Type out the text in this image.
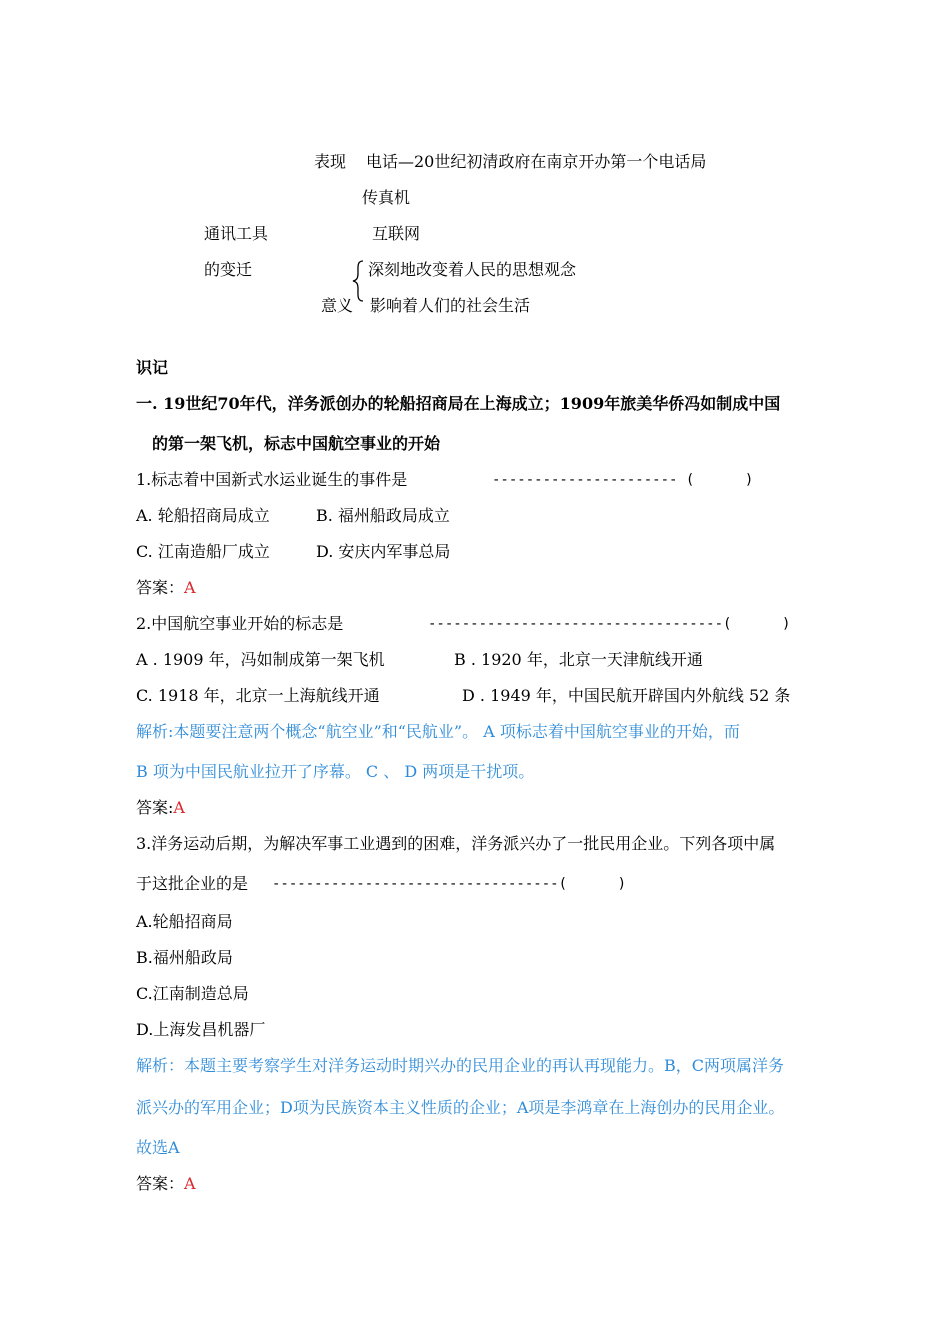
表现 电话—20世纪初清政府在南京开办第一个电话局
传真机
通讯工具	互联网
的变迁	深刻地改变着人民的思想观念
意义 影响着人们的社会生活
识记
一. 19世纪70年代，洋务派创办的轮船招商局在上海成立；1909年旅美华侨冯如制成中国
的第一架飞机，标志中国航空事业的开始
1.标志着中国新式水运业诞生的事件是	---------------------- (      )
A. 轮船招商局成立	B. 福州船政局成立
C. 江南造船厂成立	D. 安庆内军事总局
答案：A
2.中国航空事业开始的标志是	-----------------------------------(      )
A . 1909 年，冯如制成第一架飞机	B . 1920 年，北京一天津航线开通
C. 1918 年，北京一上海航线开通	D . 1949 年，中国民航开辟国内外航线 52 条
解析:本题要注意两个概念“航空业”和“民航业”。 A 项标志着中国航空事业的开始，而
B 项为中国民航业拉开了序幕。 C 、 D 两项是干扰项。
答案:A
3.洋务运动后期，为解决军事工业遇到的困难，洋务派兴办了一批民用企业。下列各项中属
于这批企业的是 ----------------------------------(      )
A.轮船招商局
B.福州船政局
C.江南制造总局
D.上海发昌机器厂
解析：本题主要考察学生对洋务运动时期兴办的民用企业的再认再现能力。B，C两项属洋务
派兴办的军用企业；D项为民族资本主义性质的企业；A项是李鸿章在上海创办的民用企业。
故选A
答案：A
